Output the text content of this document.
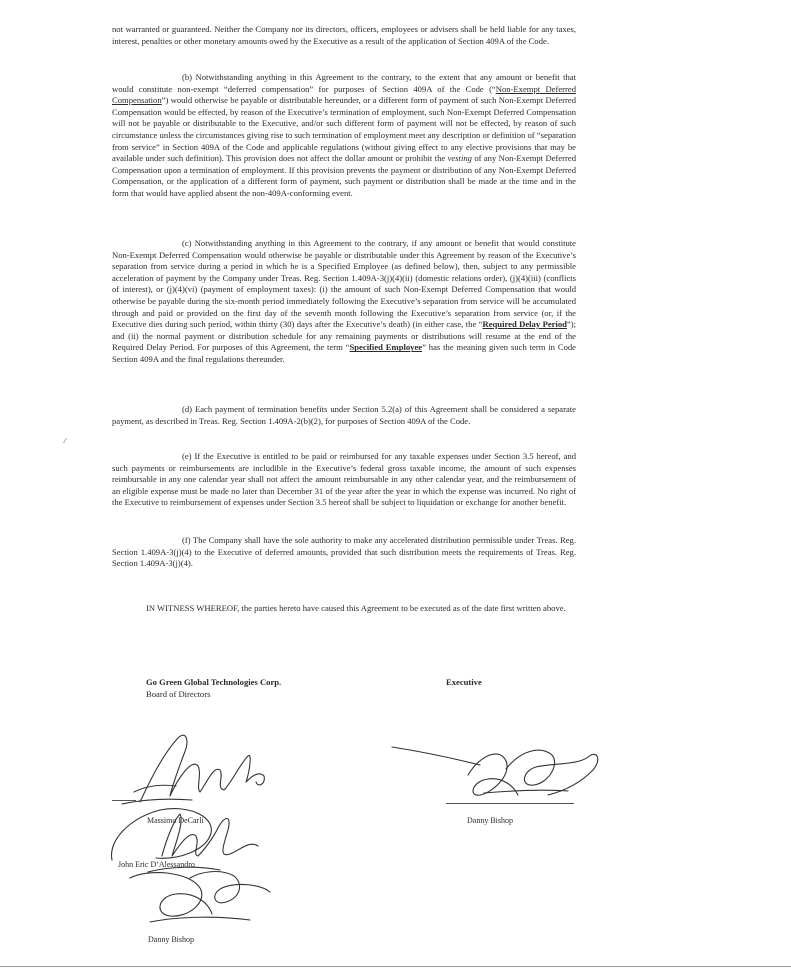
not warranted or guaranteed. Neither the Company nor its directors, officers, employees or advisers shall be held liable for any taxes, interest, penalties or other monetary amounts owed by the Executive as a result of the application of Section 409A of the Code.

(b) Notwithstanding anything in this Agreement to the contrary, to the extent that any amount or benefit that would constitute non-exempt “deferred compensation” for purposes of Section 409A of the Code (“Non-Exempt Deferred Compensation”) would otherwise be payable or distributable hereunder, or a different form of payment of such Non-Exempt Deferred Compensation would be effected, by reason of the Executive’s termination of employment, such Non-Exempt Deferred Compensation will not be payable or distributable to the Executive, and/or such different form of payment will not be effected, by reason of such circumstance unless the circumstances giving rise to such termination of employment meet any description or definition of “separation from service” in Section 409A of the Code and applicable regulations (without giving effect to any elective provisions that may be available under such definition). This provision does not affect the dollar amount or prohibit the vesting of any Non-Exempt Deferred Compensation upon a termination of employment. If this provision prevents the payment or distribution of any Non-Exempt Deferred Compensation, or the application of a different form of payment, such payment or distribution shall be made at the time and in the form that would have applied absent the non-409A-conforming event.

(c) Notwithstanding anything in this Agreement to the contrary, if any amount or benefit that would constitute Non-Exempt Deferred Compensation would otherwise be payable or distributable under this Agreement by reason of the Executive’s separation from service during a period in which he is a Specified Employee (as defined below), then, subject to any permissible acceleration of payment by the Company under Treas. Reg. Section 1.409A-3(j)(4)(ii) (domestic relations order), (j)(4)(iii) (conflicts of interest), or (j)(4)(vi) (payment of employment taxes): (i) the amount of such Non-Exempt Deferred Compensation that would otherwise be payable during the six-month period immediately following the Executive’s separation from service will be accumulated through and paid or provided on the first day of the seventh month following the Executive’s separation from service (or, if the Executive dies during such period, within thirty (30) days after the Executive’s death) (in either case, the “Required Delay Period”); and (ii) the normal payment or distribution schedule for any remaining payments or distributions will resume at the end of the Required Delay Period. For purposes of this Agreement, the term “Specified Employee” has the meaning given such term in Code Section 409A and the final regulations thereunder.

(d) Each payment of termination benefits under Section 5.2(a) of this Agreement shall be considered a separate payment, as described in Treas. Reg. Section 1.409A-2(b)(2), for purposes of Section 409A of the Code.

(e) If the Executive is entitled to be paid or reimbursed for any taxable expenses under Section 3.5 hereof, and such payments or reimbursements are includible in the Executive’s federal gross taxable income, the amount of such expenses reimbursable in any one calendar year shall not affect the amount reimbursable in any other calendar year, and the reimbursement of an eligible expense must be made no later than December 31 of the year after the year in which the expense was incurred. No right of the Executive to reimbursement of expenses under Section 3.5 hereof shall be subject to liquidation or exchange for another benefit.

(f) The Company shall have the sole authority to make any accelerated distribution permissible under Treas. Reg. Section 1.409A-3(j)(4) to the Executive of deferred amounts, provided that such distribution meets the requirements of Treas. Reg. Section 1.409A-3(j)(4).

IN WITNESS WHEREOF, the parties hereto have caused this Agreement to be executed as of the date first written above.

Go Green Global Technologies Corp.

Board of Directors

Executive

Massimo DeCarli

John Eric D’Alessandro

Danny Bishop

Danny Bishop
